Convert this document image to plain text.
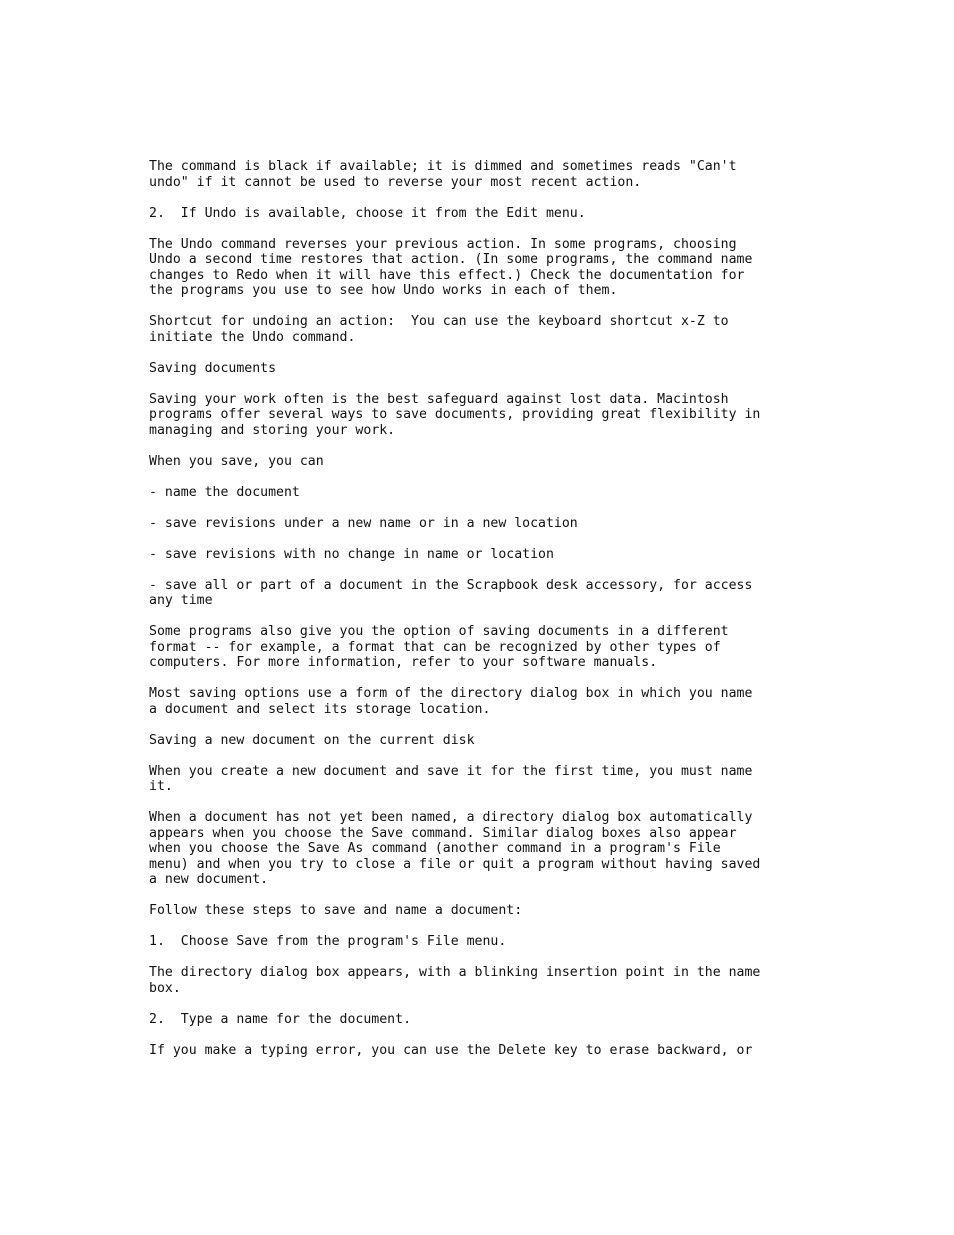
The command is black if available; it is dimmed and sometimes reads "Can't
undo" if it cannot be used to reverse your most recent action.

2.  If Undo is available, choose it from the Edit menu.

The Undo command reverses your previous action. In some programs, choosing
Undo a second time restores that action. (In some programs, the command name
changes to Redo when it will have this effect.) Check the documentation for
the programs you use to see how Undo works in each of them.

Shortcut for undoing an action:  You can use the keyboard shortcut x-Z to
initiate the Undo command.

Saving documents

Saving your work often is the best safeguard against lost data. Macintosh
programs offer several ways to save documents, providing great flexibility in
managing and storing your work.

When you save, you can

- name the document

- save revisions under a new name or in a new location

- save revisions with no change in name or location

- save all or part of a document in the Scrapbook desk accessory, for access
any time

Some programs also give you the option of saving documents in a different
format -- for example, a format that can be recognized by other types of
computers. For more information, refer to your software manuals.

Most saving options use a form of the directory dialog box in which you name
a document and select its storage location.

Saving a new document on the current disk

When you create a new document and save it for the first time, you must name
it.

When a document has not yet been named, a directory dialog box automatically
appears when you choose the Save command. Similar dialog boxes also appear
when you choose the Save As command (another command in a program's File
menu) and when you try to close a file or quit a program without having saved
a new document.

Follow these steps to save and name a document:

1.  Choose Save from the program's File menu.

The directory dialog box appears, with a blinking insertion point in the name
box.

2.  Type a name for the document.

If you make a typing error, you can use the Delete key to erase backward, or
